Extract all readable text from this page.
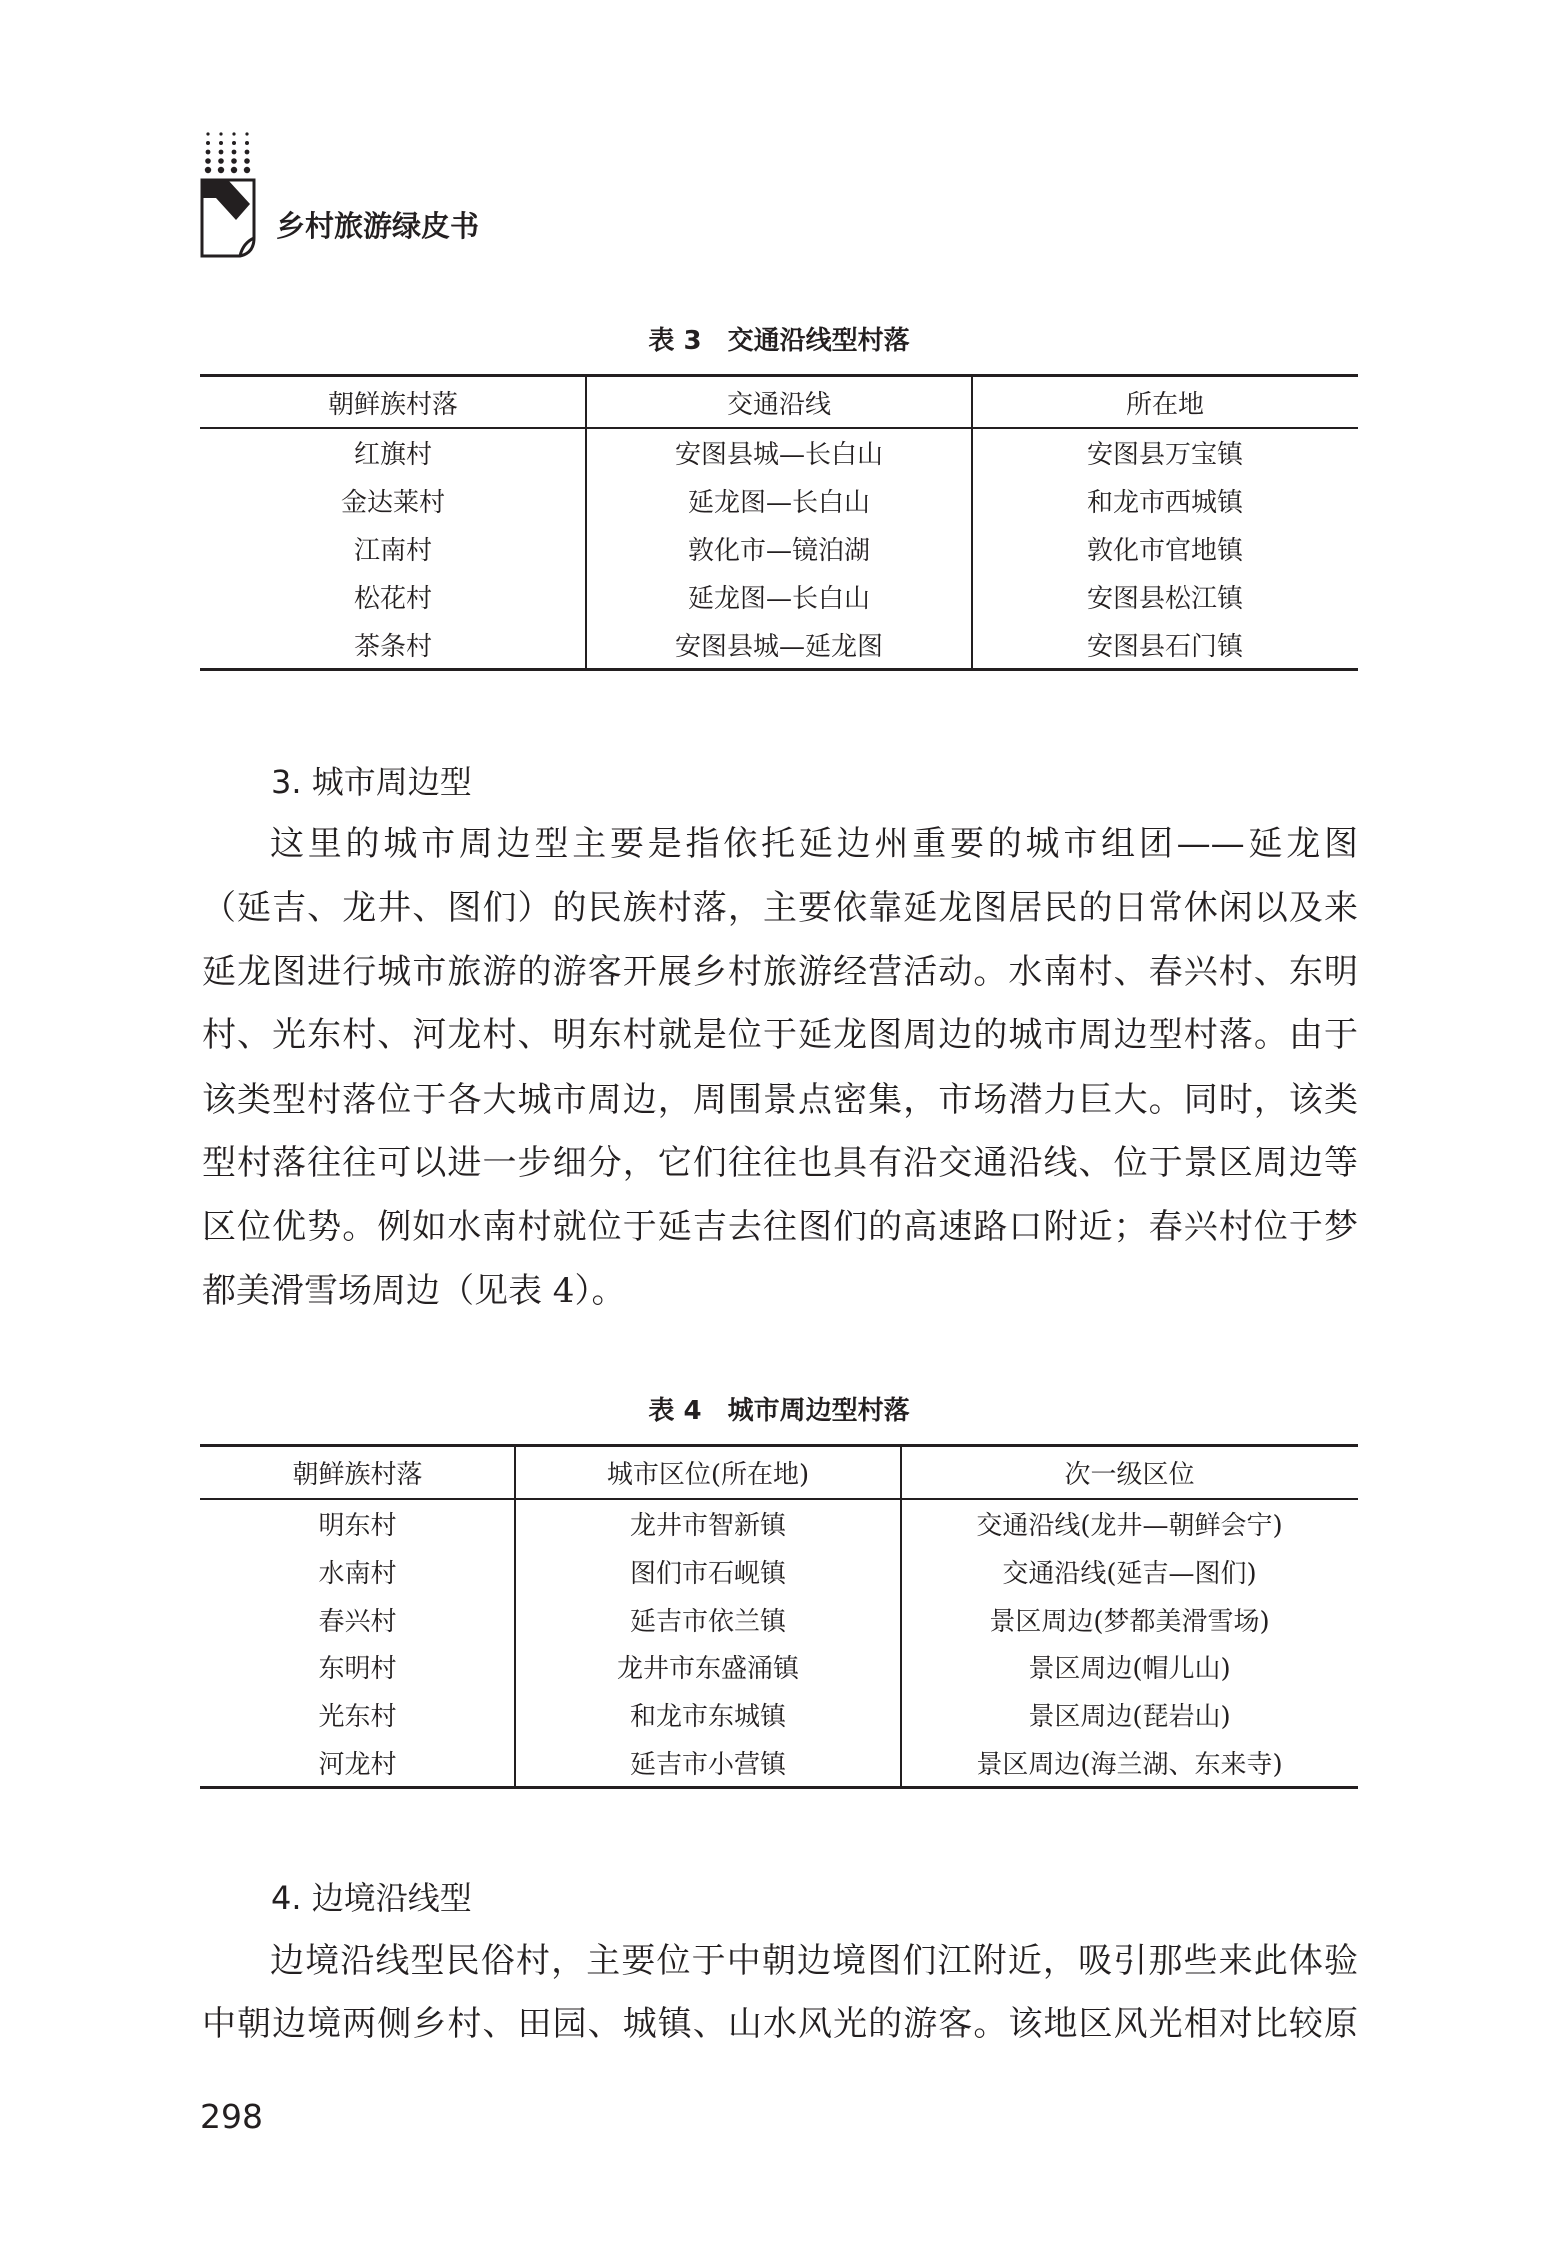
乡村旅游绿皮书
表 3 交通沿线型村落
朝鲜族村落	交通沿线	所在地
红旗村	安图县城—长白山	安图县万宝镇
金达莱村	延龙图—长白山	和龙市西城镇
江南村	敦化市—镜泊湖	敦化市官地镇
松花村	延龙图—长白山	安图县松江镇
茶条村	安图县城—延龙图	安图县石门镇
3. 城市周边型
这里的城市周边型主要是指依托延边州重要的城市组团——延龙图
（延吉、龙井、图们）的民族村落，主要依靠延龙图居民的日常休闲以及来
延龙图进行城市旅游的游客开展乡村旅游经营活动。水南村、春兴村、东明
村、光东村、河龙村、明东村就是位于延龙图周边的城市周边型村落。由于
该类型村落位于各大城市周边，周围景点密集，市场潜力巨大。同时，该类
型村落往往可以进一步细分，它们往往也具有沿交通沿线、位于景区周边等
区位优势。例如水南村就位于延吉去往图们的高速路口附近；春兴村位于梦
都美滑雪场周边（见表 4）。
表 4 城市周边型村落
朝鲜族村落	城市区位(所在地)	次一级区位
明东村	龙井市智新镇	交通沿线(龙井—朝鲜会宁)
水南村	图们市石岘镇	交通沿线(延吉—图们)
春兴村	延吉市依兰镇	景区周边(梦都美滑雪场)
东明村	龙井市东盛涌镇	景区周边(帽儿山)
光东村	和龙市东城镇	景区周边(琵岩山)
河龙村	延吉市小营镇	景区周边(海兰湖、东来寺)
4. 边境沿线型
边境沿线型民俗村，主要位于中朝边境图们江附近，吸引那些来此体验
中朝边境两侧乡村、田园、城镇、山水风光的游客。该地区风光相对比较原
298
